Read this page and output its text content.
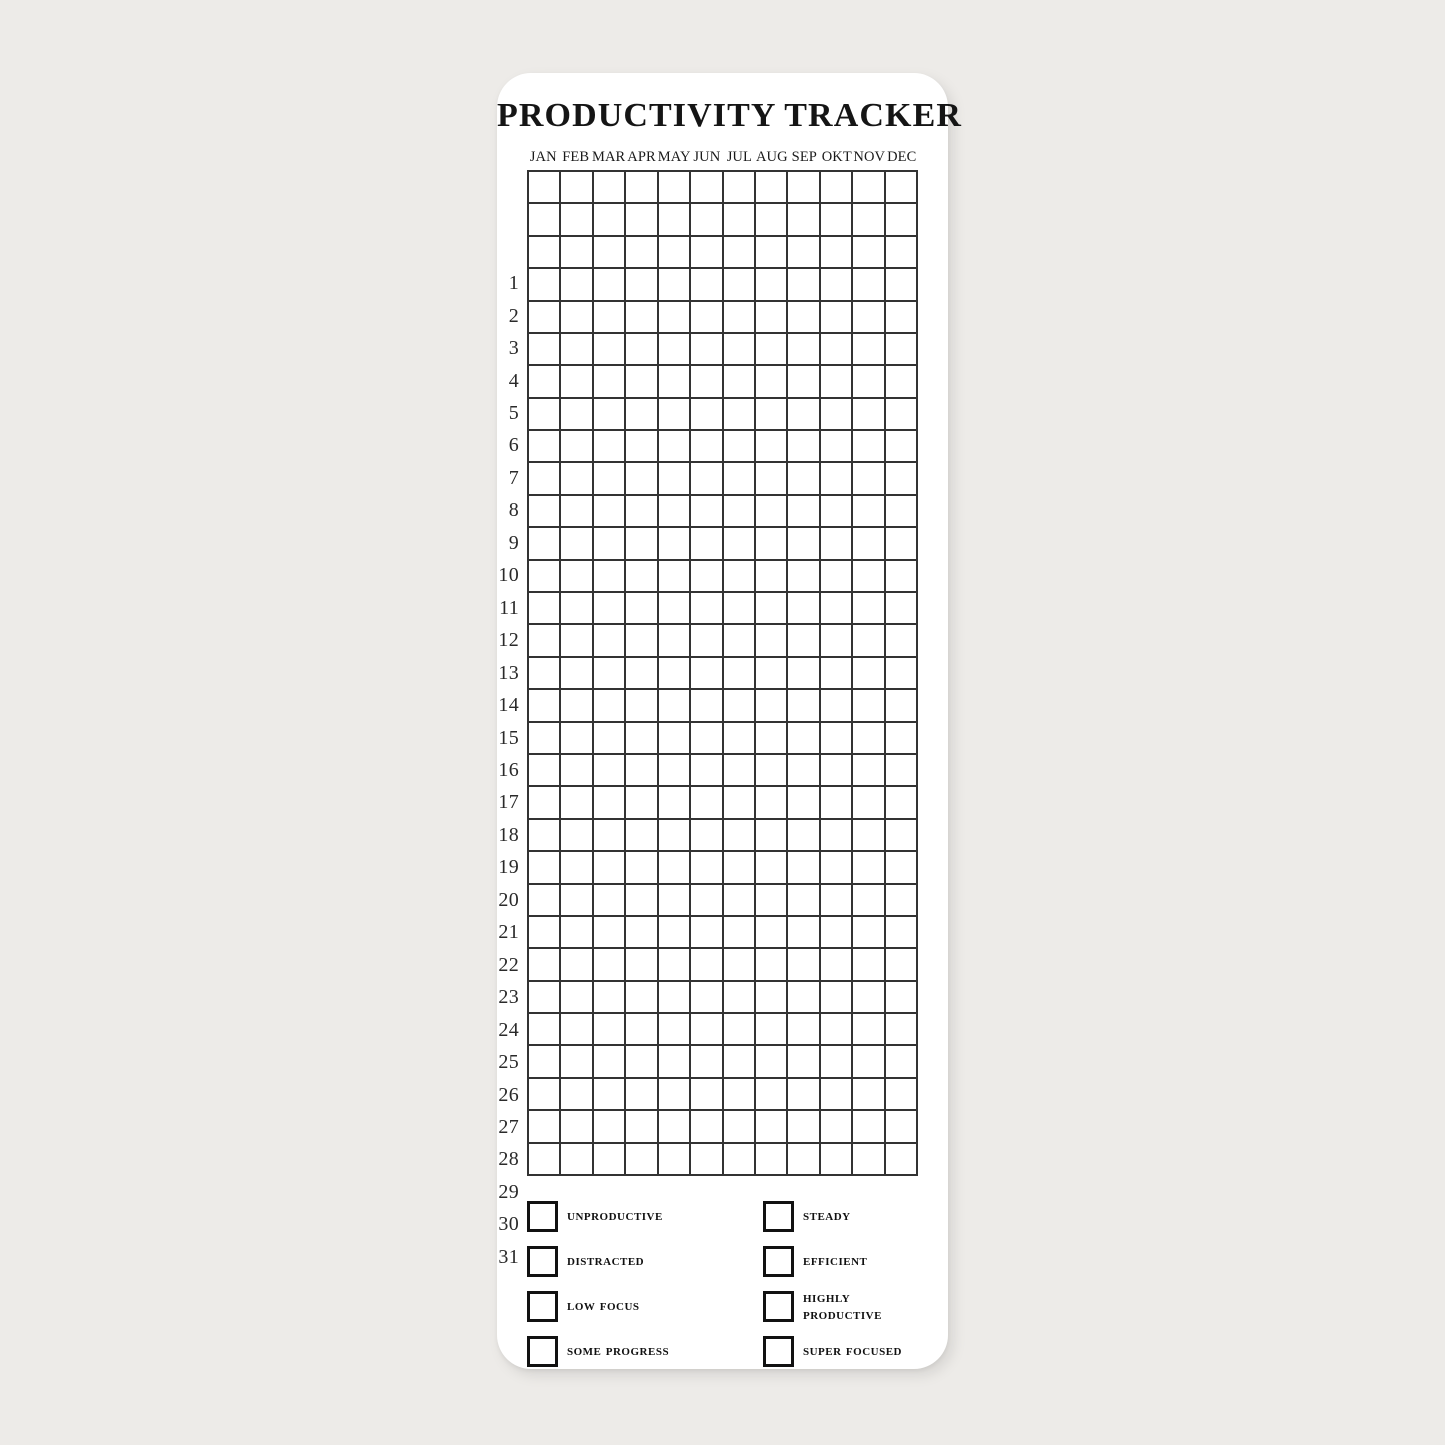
PRODUCTIVITY TRACKER
JAN FEB MAR APR MAY JUN JUL AUG SEP OKT NOV DEC
1
2
3
4
5
6
7
8
9
10
11
12
13
14
15
16
17
18
19
20
21
22
23
24
25
26
27
28
29
30
31
unproductive
distracted
low focus
some progress
steady
efficient
highly productive
super focused
